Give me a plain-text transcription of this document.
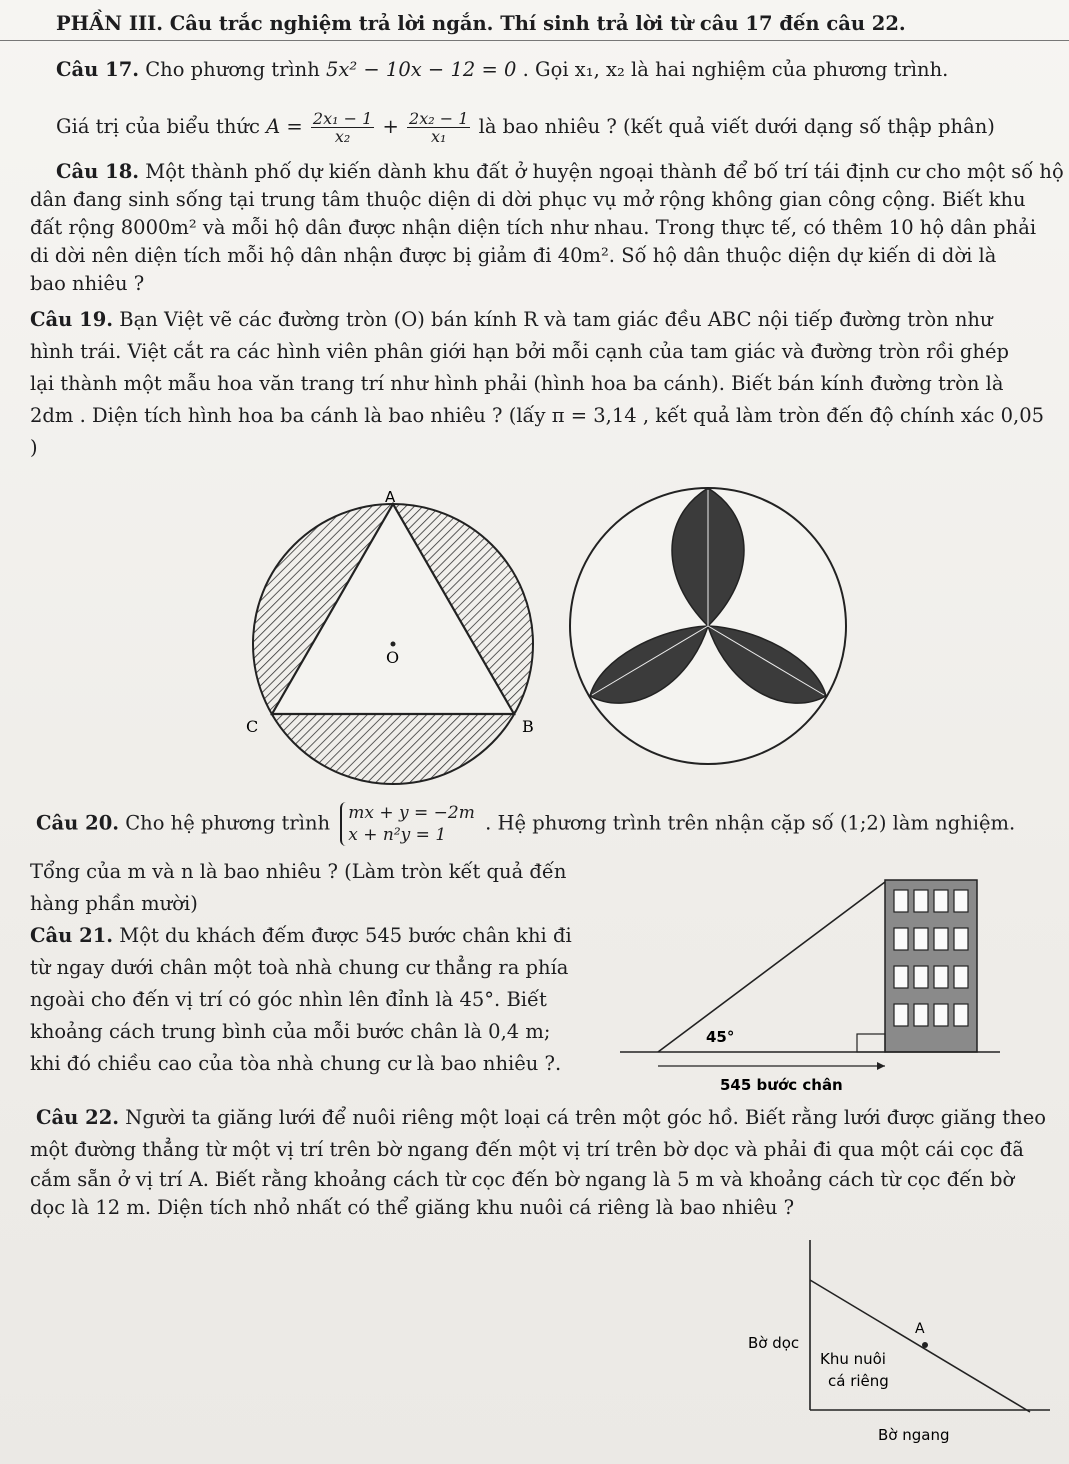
PHẦN III. Câu trắc nghiệm trả lời ngắn. Thí sinh trả lời từ câu 17 đến câu 22.
Câu 17. Cho phương trình 5x² − 10x − 12 = 0 . Gọi x₁, x₂ là hai nghiệm của phương trình.
Giá trị của biểu thức $A = \frac{\text{2x₁ − 1}}{\text{x₂}} + \frac{\text{2x₂ − 1}}{\text{x₁}}$ là bao nhiêu ? (kết quả viết dưới dạng số thập phân)
Câu 18. Một thành phố dự kiến dành khu đất ở huyện ngoại thành để bố trí tái định cư cho một số hộ
dân đang sinh sống tại trung tâm thuộc diện di dời phục vụ mở rộng không gian công cộng. Biết khu
đất rộng 8000m² và mỗi hộ dân được nhận diện tích như nhau. Trong thực tế, có thêm 10 hộ dân phải
di dời nên diện tích mỗi hộ dân nhận được bị giảm đi 40m². Số hộ dân thuộc diện dự kiến di dời là
bao nhiêu ?
Câu 19. Bạn Việt vẽ các đường tròn (O) bán kính R và tam giác đều ABC nội tiếp đường tròn như
hình trái. Việt cắt ra các hình viên phân giới hạn bởi mỗi cạnh của tam giác và đường tròn rồi ghép
lại thành một mẫu hoa văn trang trí như hình phải (hình hoa ba cánh). Biết bán kính đường tròn là
2dm . Diện tích hình hoa ba cánh là bao nhiêu ? (lấy π = 3,14 , kết quả làm tròn đến độ chính xác 0,05
)
A
O
C	B
Câu 20. Cho hệ phương trình mx + y = −2m
x + n²y = 1
. Hệ phương trình trên nhận cặp số (1;2) làm nghiệm.
Tổng của m và n là bao nhiêu ? (Làm tròn kết quả đến
hàng phần mười)
Câu 21. Một du khách đếm được 545 bước chân khi đi
từ ngay dưới chân một toà nhà chung cư thẳng ra phía
ngoài cho đến vị trí có góc nhìn lên đỉnh là 45°. Biết
khoảng cách trung bình của mỗi bước chân là 0,4 m;
khi đó chiều cao của tòa nhà chung cư là bao nhiêu ?.
45°
545 bước chân
Câu 22. Người ta giăng lưới để nuôi riêng một loại cá trên một góc hồ. Biết rằng lưới được giăng theo
một đường thẳng từ một vị trí trên bờ ngang đến một vị trí trên bờ dọc và phải đi qua một cái cọc đã
cắm sẵn ở vị trí A. Biết rằng khoảng cách từ cọc đến bờ ngang là 5 m và khoảng cách từ cọc đến bờ
dọc là 12 m. Diện tích nhỏ nhất có thể giăng khu nuôi cá riêng là bao nhiêu ?
Bờ dọc
A
Khu nuôi
cá riêng
Bờ ngang
